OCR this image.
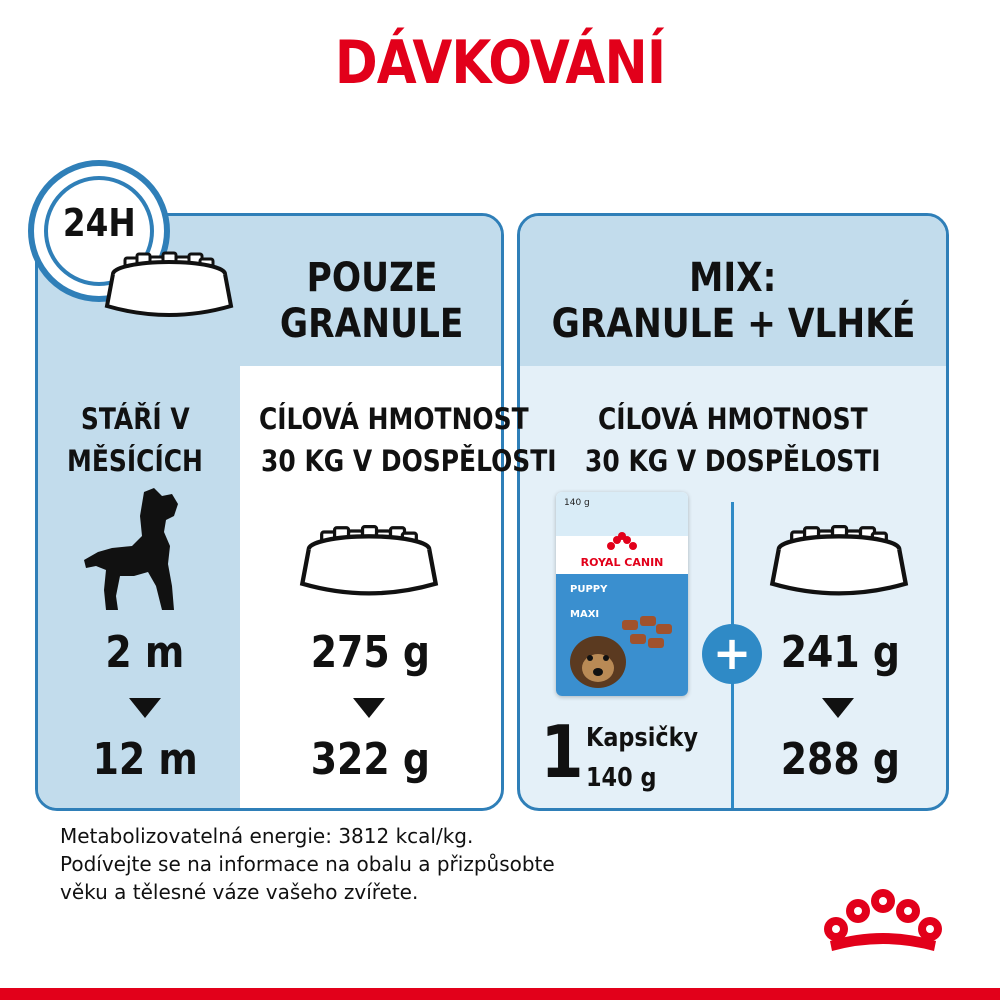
DÁVKOVÁNÍ
24H
POUZE
GRANULE
STÁŘÍ V
MĚSÍCÍCH
CÍLOVÁ HMOTNOST
30 KG V DOSPĚLOSTI
2 m
12 m
275 g
322 g
MIX:
GRANULE + VLHKÉ
CÍLOVÁ HMOTNOST
30 KG V DOSPĚLOSTI
140 g
ROYAL CANIN
PUPPY
MAXI
1 Kapsičky
140 g
+ 241 g
288 g

Metabolizovatelná energie: 3812 kcal/kg.

Podívejte se na informace na obalu a přizpůsobte

věku a tělesné váze vašeho zvířete.
